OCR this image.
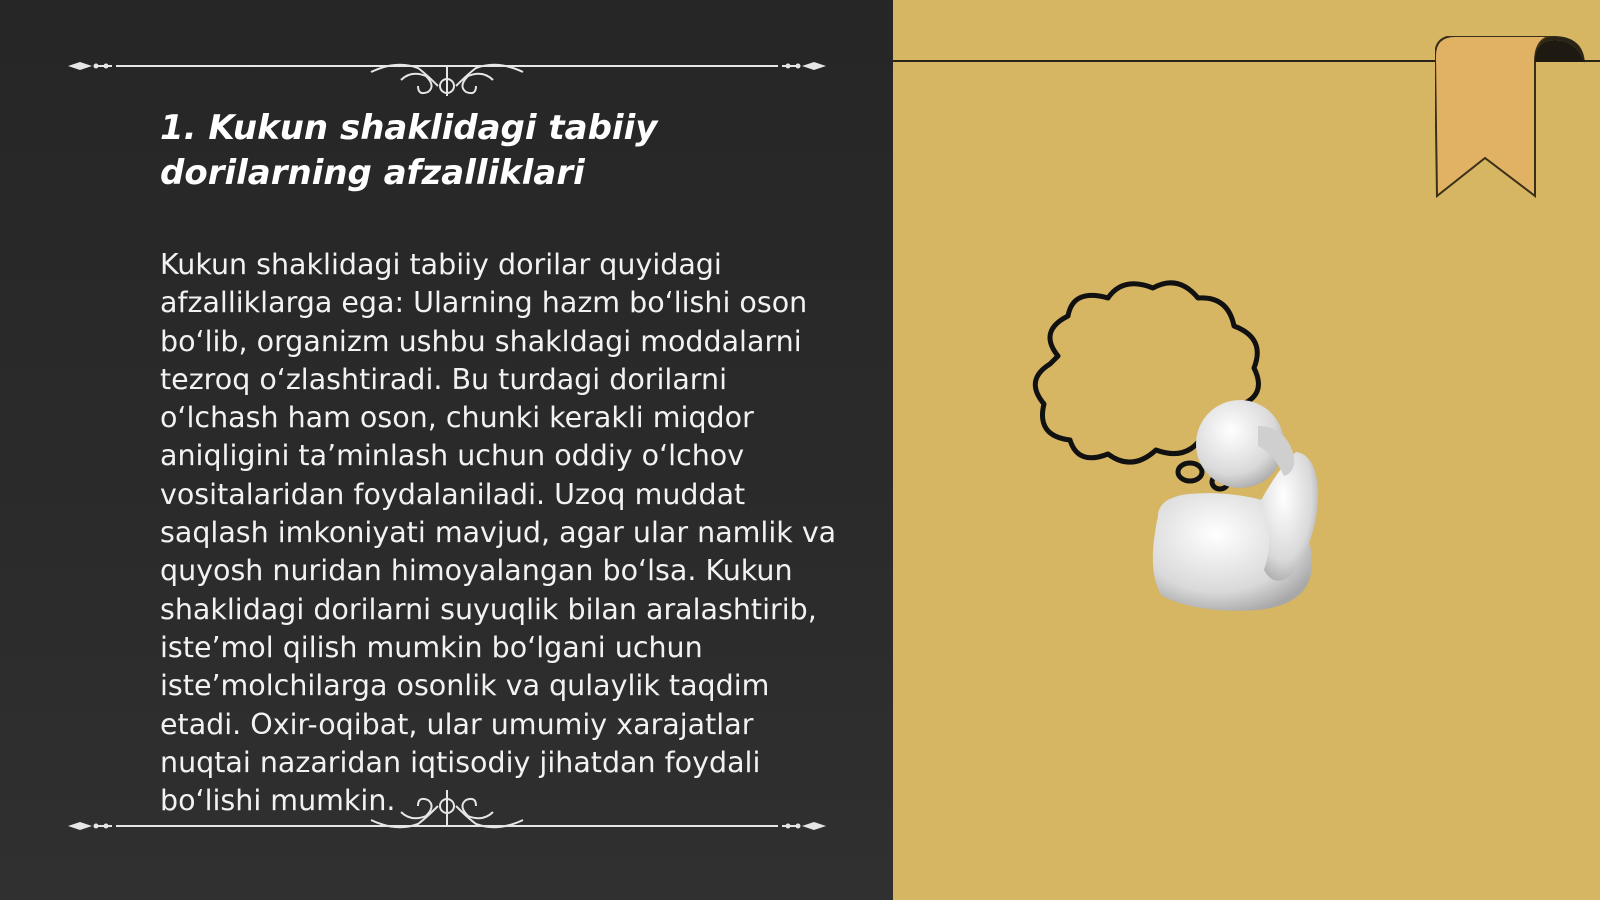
1. Kukun shaklidagi tabiiy dorilarning afzalliklari

Kukun shaklidagi tabiiy dorilar quyidagi afzalliklarga ega: Ularning hazm bo‘lishi oson bo‘lib, organizm ushbu shakldagi moddalarni tezroq o‘zlashtiradi. Bu turdagi dorilarni o‘lchash ham oson, chunki kerakli miqdor aniqligini ta’minlash uchun oddiy o‘lchov vositalaridan foydalaniladi. Uzoq muddat saqlash imkoniyati mavjud, agar ular namlik va quyosh nuridan himoyalangan bo‘lsa. Kukun shaklidagi dorilarni suyuqlik bilan aralashtirib, iste’mol qilish mumkin bo‘lgani uchun iste’molchilarga osonlik va qulaylik taqdim etadi. Oxir-oqibat, ular umumiy xarajatlar nuqtai nazaridan iqtisodiy jihatdan foydali bo‘lishi mumkin.
